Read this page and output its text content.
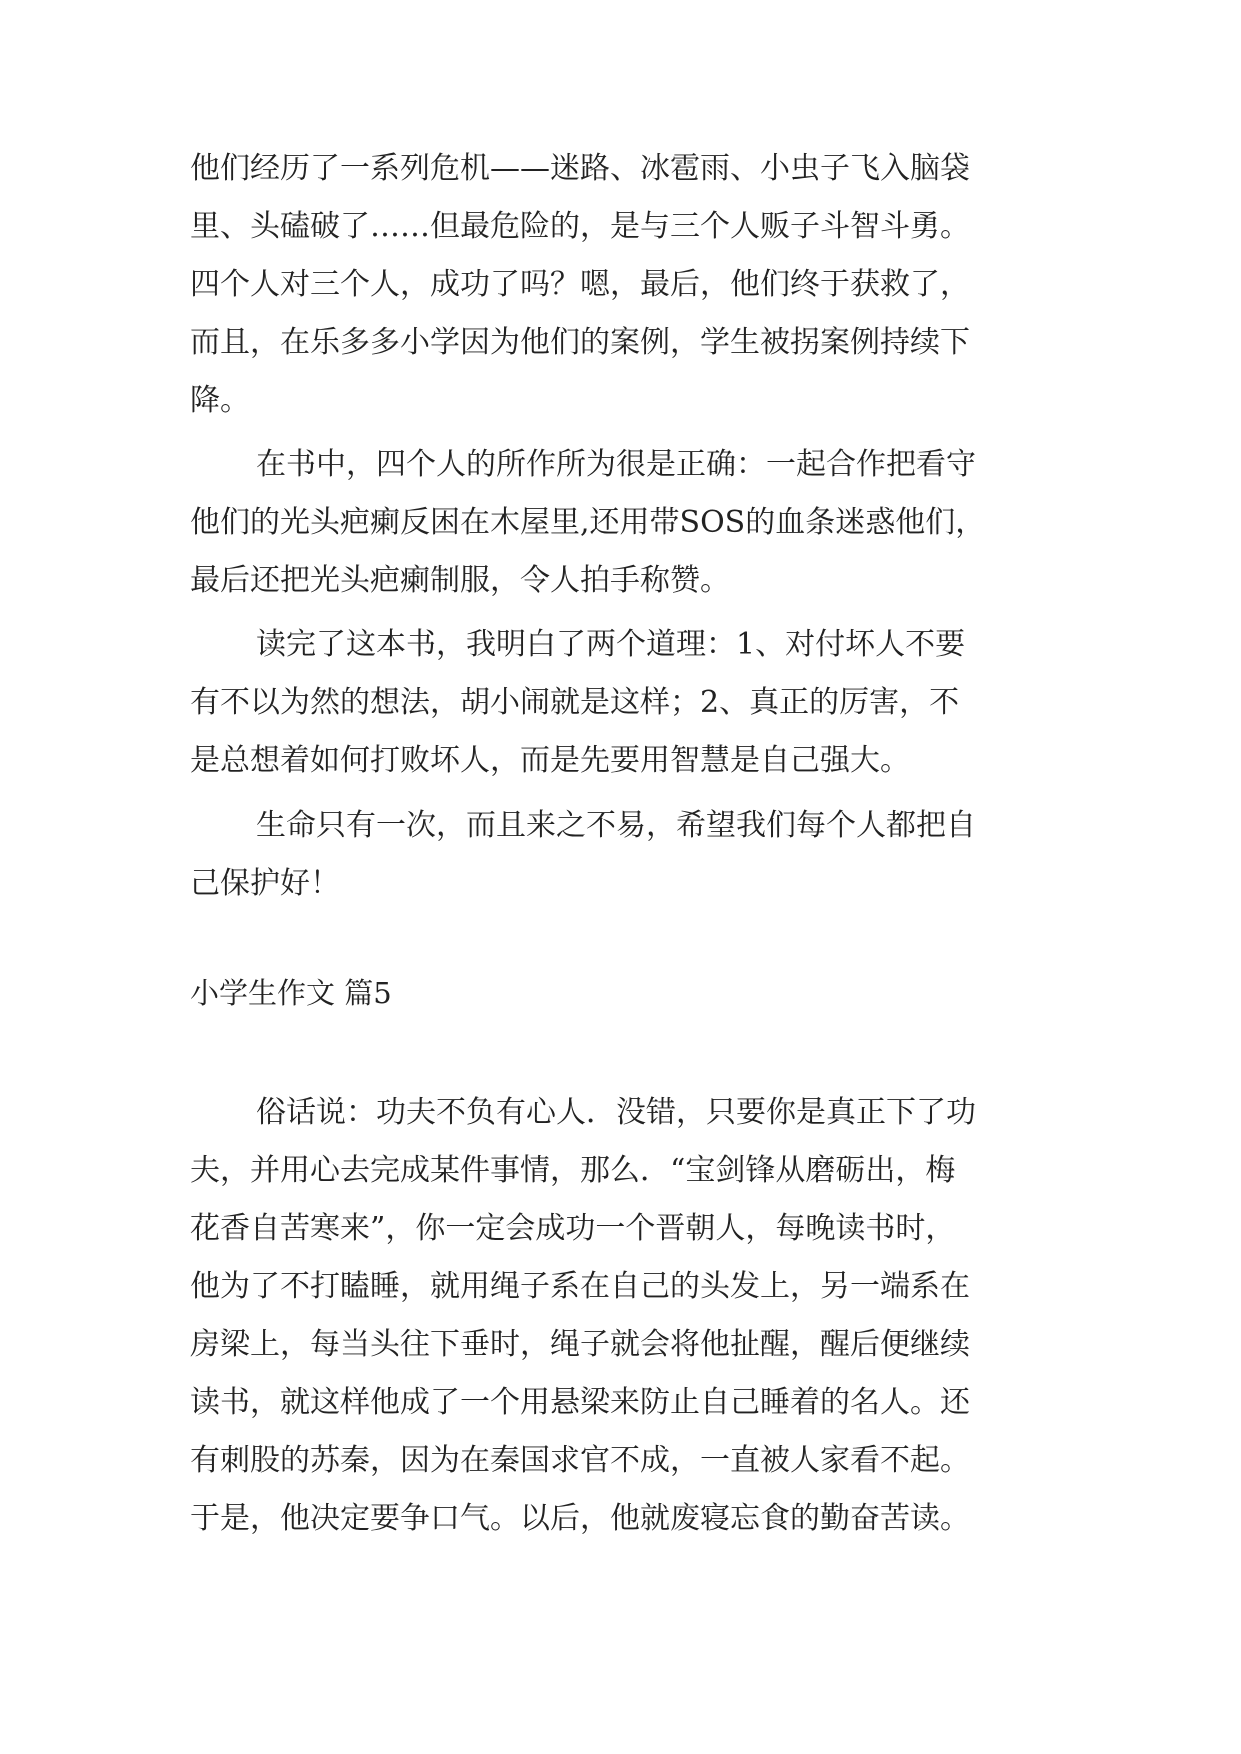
他们经历了一系列危机——迷路、冰雹雨、小虫子飞入脑袋

里、头磕破了……但最危险的，是与三个人贩子斗智斗勇。

四个人对三个人，成功了吗？嗯，最后，他们终于获救了，

而且，在乐多多小学因为他们的案例，学生被拐案例持续下

降。

在书中，四个人的所作所为很是正确：一起合作把看守

他们的光头疤瘌反困在木屋里,还用带SOS的血条迷惑他们，

最后还把光头疤瘌制服，令人拍手称赞。

读完了这本书，我明白了两个道理：1、对付坏人不要

有不以为然的想法，胡小闹就是这样；2、真正的厉害，不

是总想着如何打败坏人，而是先要用智慧是自己强大。

生命只有一次，而且来之不易，希望我们每个人都把自

己保护好！

小学生作文 篇5

俗话说：功夫不负有心人．没错，只要你是真正下了功

夫，并用心去完成某件事情，那么．“宝剑锋从磨砺出，梅

花香自苦寒来”，你一定会成功一个晋朝人，每晚读书时，

他为了不打瞌睡，就用绳子系在自己的头发上，另一端系在

房梁上，每当头往下垂时，绳子就会将他扯醒，醒后便继续

读书，就这样他成了一个用悬梁来防止自己睡着的名人。还

有刺股的苏秦，因为在秦国求官不成，一直被人家看不起。

于是，他决定要争口气。以后，他就废寝忘食的勤奋苦读。
